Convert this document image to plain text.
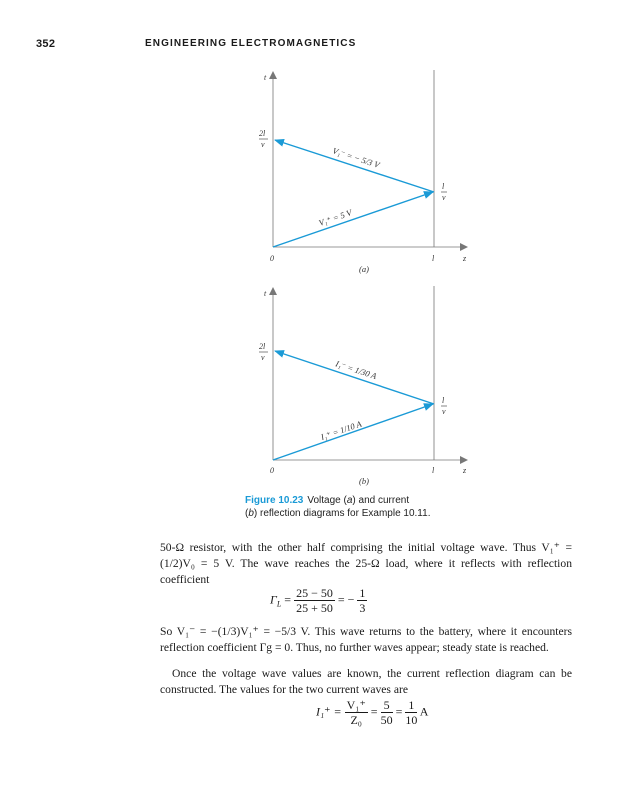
352	ENGINEERING ELECTROMAGNETICS
t
z
0	l
2l
v
l
v
V₁⁺ = 5 V
V₁⁻ = − 5/3 V
(a)
t
z
0	l
2l
v
l
v
I₁⁺ = 1/10 A
I₁⁻ = 1/30 A
(b)
Figure 10.23 Voltage (a) and current
(b) reflection diagrams for Example 10.11.

50-Ω resistor, with the other half comprising the initial voltage wave. Thus V₁⁺ = (1/2)V₀ = 5 V. The wave reaches the 25-Ω load, where it reflects with reflection coefficient

$\Gamma_L = \frac{25 - 50}{25 + 50}$ = − $\frac{1}{3}$

So V₁⁻ = −(1/3)V₁⁺ = −5/3 V. This wave returns to the battery, where it encounters reflection coefficient Γg = 0. Thus, no further waves appear; steady state is reached.

Once the voltage wave values are known, the current reflection diagram can be constructed. The values for the two current waves are

$I_1^+ = \frac{\text{V₁⁺}}{\text{Z₀}} = \frac{5}{50} = \frac{1}{10}$ A
